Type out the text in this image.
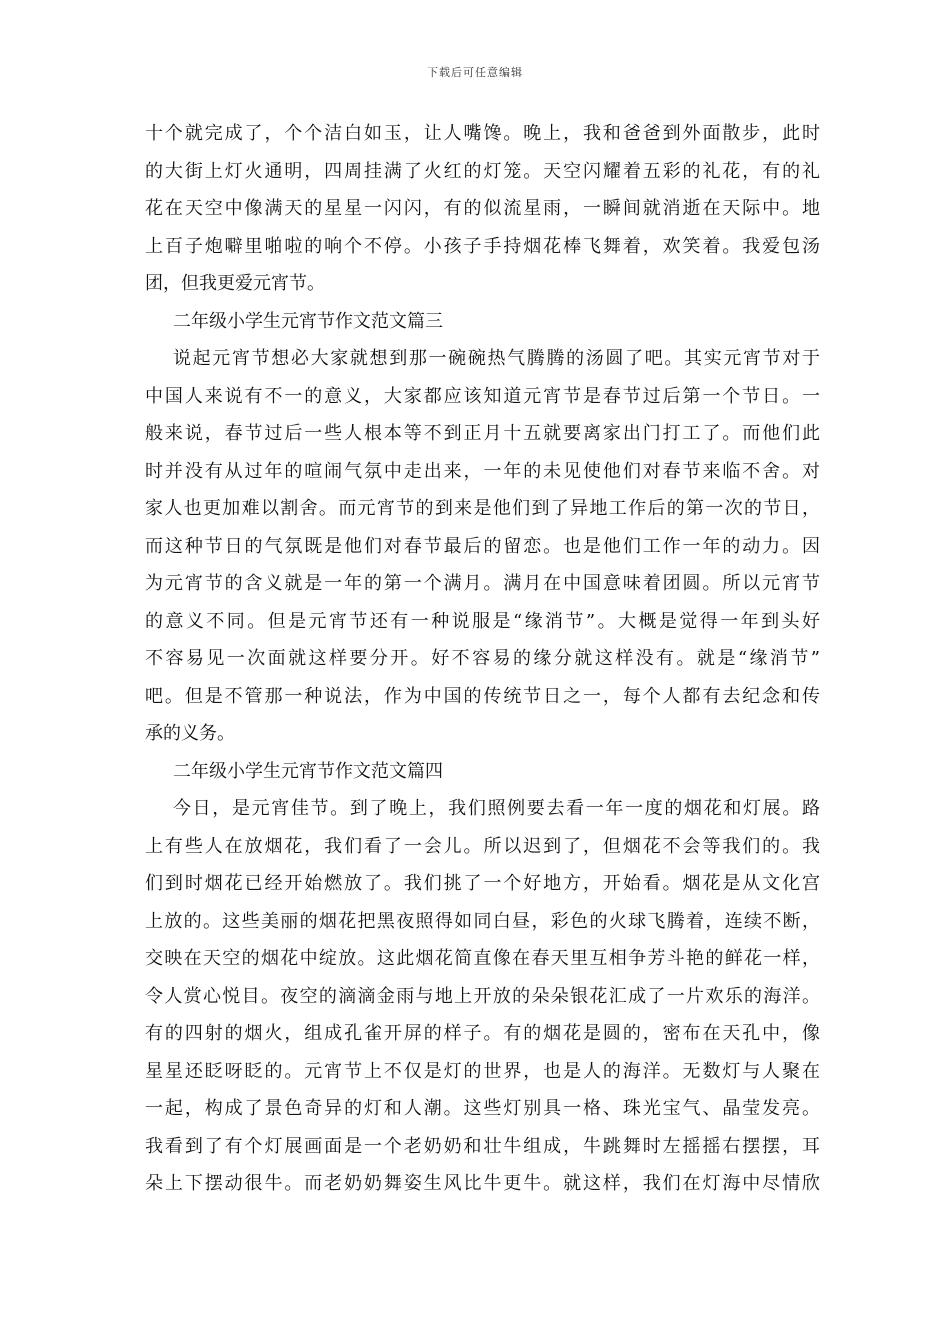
下载后可任意编辑
十个就完成了，个个洁白如玉，让人嘴馋。晚上，我和爸爸到外面散步，此时
的大街上灯火通明，四周挂满了火红的灯笼。天空闪耀着五彩的礼花，有的礼
花在天空中像满天的星星一闪闪，有的似流星雨，一瞬间就消逝在天际中。地
上百子炮噼里啪啦的响个不停。小孩子手持烟花棒飞舞着，欢笑着。我爱包汤
团，但我更爱元宵节。
二年级小学生元宵节作文范文篇三
说起元宵节想必大家就想到那一碗碗热气腾腾的汤圆了吧。其实元宵节对于
中国人来说有不一的意义，大家都应该知道元宵节是春节过后第一个节日。一
般来说，春节过后一些人根本等不到正月十五就要离家出门打工了。而他们此
时并没有从过年的喧闹气氛中走出来，一年的未见使他们对春节来临不舍。对
家人也更加难以割舍。而元宵节的到来是他们到了异地工作后的第一次的节日，
而这种节日的气氛既是他们对春节最后的留恋。也是他们工作一年的动力。因
为元宵节的含义就是一年的第一个满月。满月在中国意味着团圆。所以元宵节
的意义不同。但是元宵节还有一种说服是“缘消节”。大概是觉得一年到头好
不容易见一次面就这样要分开。好不容易的缘分就这样没有。就是“缘消节”
吧。但是不管那一种说法，作为中国的传统节日之一，每个人都有去纪念和传
承的义务。
二年级小学生元宵节作文范文篇四
今日，是元宵佳节。到了晚上，我们照例要去看一年一度的烟花和灯展。路
上有些人在放烟花，我们看了一会儿。所以迟到了，但烟花不会等我们的。我
们到时烟花已经开始燃放了。我们挑了一个好地方，开始看。烟花是从文化宫
上放的。这些美丽的烟花把黑夜照得如同白昼，彩色的火球飞腾着，连续不断，
交映在天空的烟花中绽放。这此烟花简直像在春天里互相争芳斗艳的鲜花一样，
令人赏心悦目。夜空的滴滴金雨与地上开放的朵朵银花汇成了一片欢乐的海洋。
有的四射的烟火，组成孔雀开屏的样子。有的烟花是圆的，密布在天孔中，像
星星还眨呀眨的。元宵节上不仅是灯的世界，也是人的海洋。无数灯与人聚在
一起，构成了景色奇异的灯和人潮。这些灯别具一格、珠光宝气、晶莹发亮。
我看到了有个灯展画面是一个老奶奶和壮牛组成，牛跳舞时左摇摇右摆摆，耳
朵上下摆动很牛。而老奶奶舞姿生风比牛更牛。就这样，我们在灯海中尽情欣
